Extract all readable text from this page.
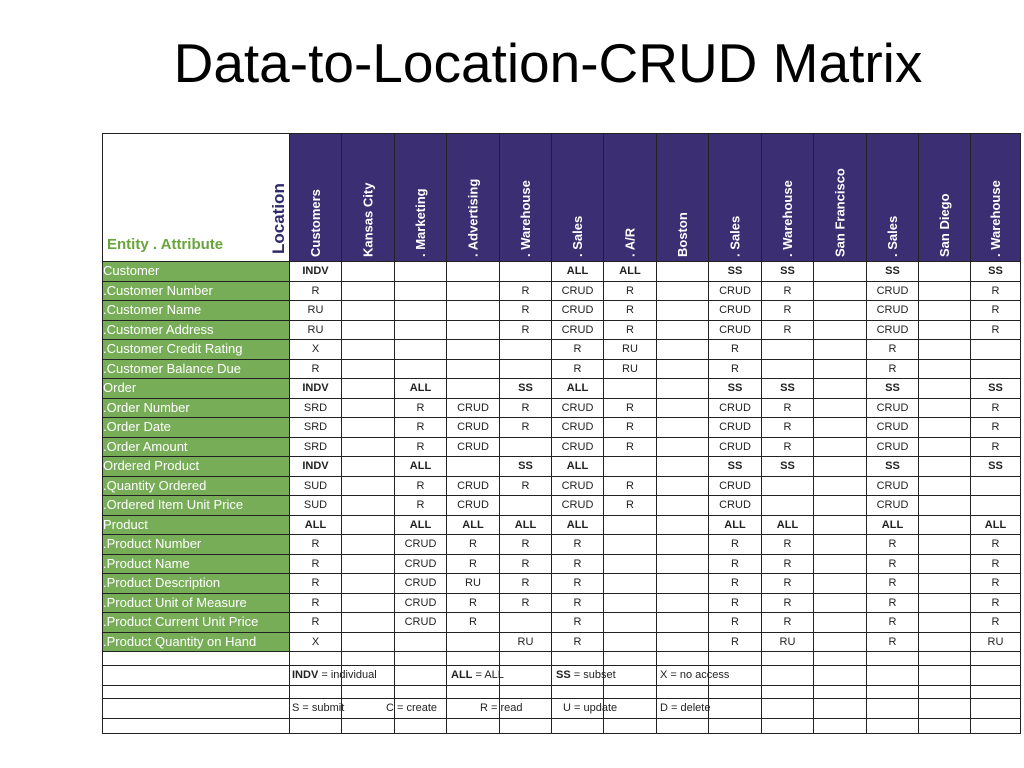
Data-to-Location-CRUD Matrix
Location
Entity . Attribute	Customers	Kansas City	. Marketing	. Advertising	. Warehouse	. Sales	. A/R	Boston	. Sales	. Warehouse	San Francisco	. Sales	San Diego	. Warehouse

Customer	INDV					ALL	ALL		SS	SS		SS		SS
.Customer Number	R				R	CRUD	R		CRUD	R		CRUD		R
.Customer Name	RU				R	CRUD	R		CRUD	R		CRUD		R
.Customer Address	RU				R	CRUD	R		CRUD	R		CRUD		R
.Customer Credit Rating	X					R	RU		R			R		
.Customer Balance Due	R					R	RU		R			R		
Order	INDV		ALL		SS	ALL			SS	SS		SS		SS
.Order Number	SRD		R	CRUD	R	CRUD	R		CRUD	R		CRUD		R
.Order Date	SRD		R	CRUD	R	CRUD	R		CRUD	R		CRUD		R
.Order Amount	SRD		R	CRUD		CRUD	R		CRUD	R		CRUD		R
Ordered Product	INDV		ALL		SS	ALL			SS	SS		SS		SS
.Quantity Ordered	SUD		R	CRUD	R	CRUD	R		CRUD			CRUD		
.Ordered Item Unit Price	SUD		R	CRUD		CRUD	R		CRUD			CRUD		
Product	ALL		ALL	ALL	ALL	ALL			ALL	ALL		ALL		ALL
.Product Number	R		CRUD	R	R	R			R	R		R		R
.Product Name	R		CRUD	R	R	R			R	R		R		R
.Product Description	R		CRUD	RU	R	R			R	R		R		R
.Product Unit of Measure	R		CRUD	R	R	R			R	R		R		R
.Product Current Unit Price	R		CRUD	R		R			R	R		R		R
.Product Quantity on Hand	X				RU	R			R	RU		R		RU

INDV = individual	ALL = ALL	SS = subset	X = no access
S = submit	C = create	R = read	U = update	D = delete
